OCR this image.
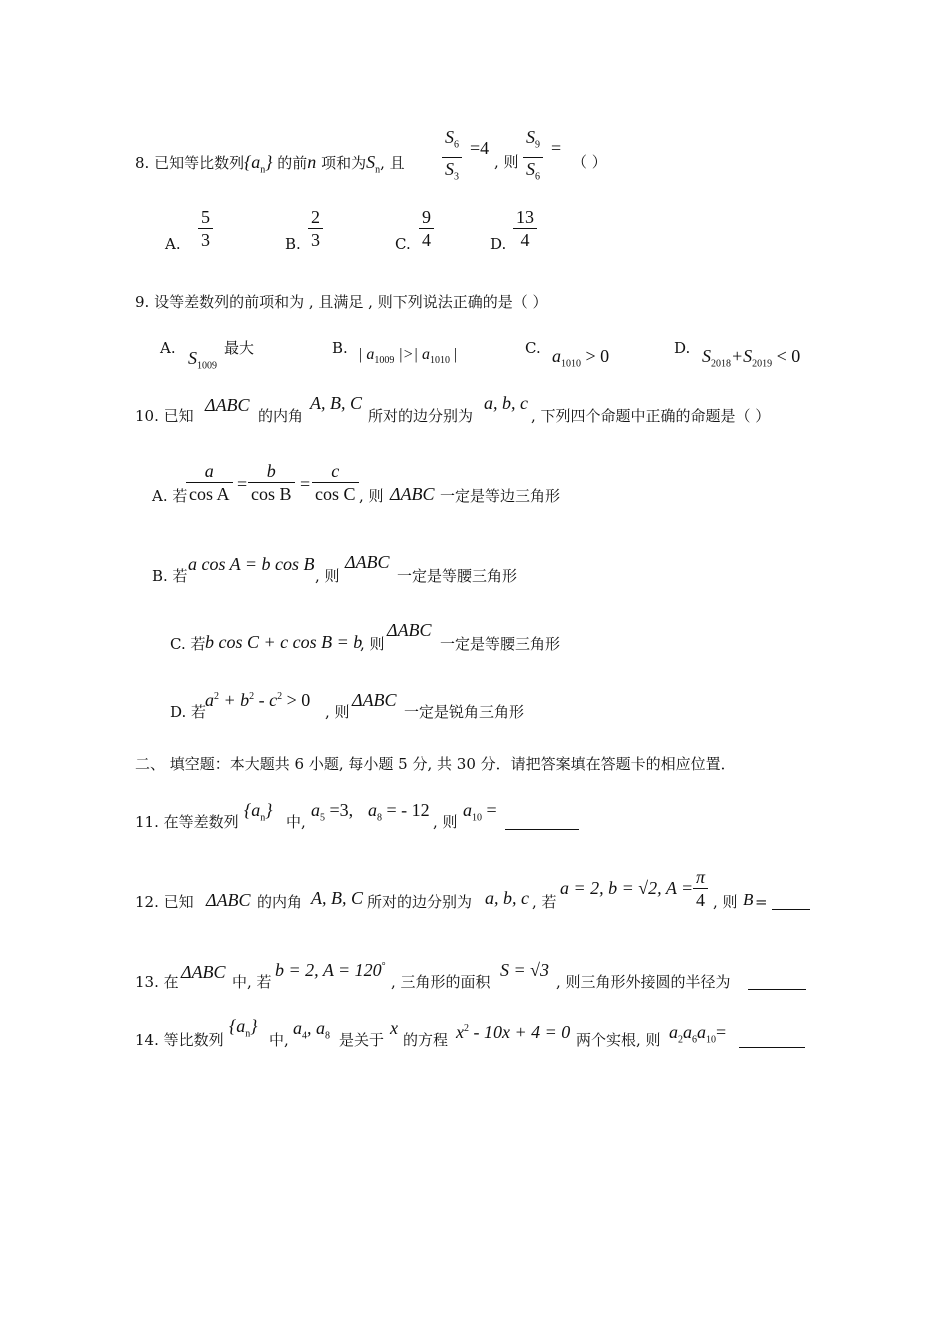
8. 已知等比数列$\{a_n\}$ 的前n 项和为$S_n$, 且 $\frac{S_6}{S_3} =4$
, 则 $\frac{S_9}{S_6}$ =
（ ）
A.
5
3	B.
2
3	C.
9
4	D.
13
4
9. 设等差数列的前项和为 , 且满足 , 则下列说法正确的是（ ）
A. $S_{1009}$
最大	B. | $a_{1009}$ |>| $a_{1010}$ |	C. $a_{1010} > 0$	D. $S_{2018}+S_{2019} < 0$
10. 已知
ΔABC
的内角
A, B, C
所对的边分别为
a, b, c
, 下列四个命题中正确的命题是（ ）
A. 若
$\frac{a}{\text{cos A}} = \frac{b}{\text{cos B}} = \frac{c}{\text{cos C}}$ , 则 ΔABC 一定是等边三角形
B. 若
a cos A = b cos B
, 则
ΔABC
一定是等腰三角形
C. 若 b cos C + c cos B = b
, 则
ΔABC
一定是等腰三角形
D. 若
$a^2 + b^2 - c^2 > 0$
, 则
ΔABC
一定是锐角三角形
二、 填空题：本大题共 6 小题, 每小题 5 分, 共 30 分．请把答案填在答题卡的相应位置．
11. 在等差数列
$\{a_n\}$
中,
$a_5 =3$, $a_8$ = - 12
, 则
$a_{10}$ =
12. 已知 ΔABC 的内角 A, B, C 所对的边分别为 a, b, c , 若
a = 2, b = √2, $A = \frac{\pi}{4}$ , 则 B =
13. 在 ΔABC 中, 若
b = 2, A = 120°
, 三角形的面积
S = √3
, 则三角形外接圆的半径为
14. 等比数列
$\{a_n\}$
中,
$a_4$, $a_8$ 是关于
x
的方程 $x^2 - 10x + 4 = 0$ 两个实根, 则 $a_2a_6a_{10}=$
